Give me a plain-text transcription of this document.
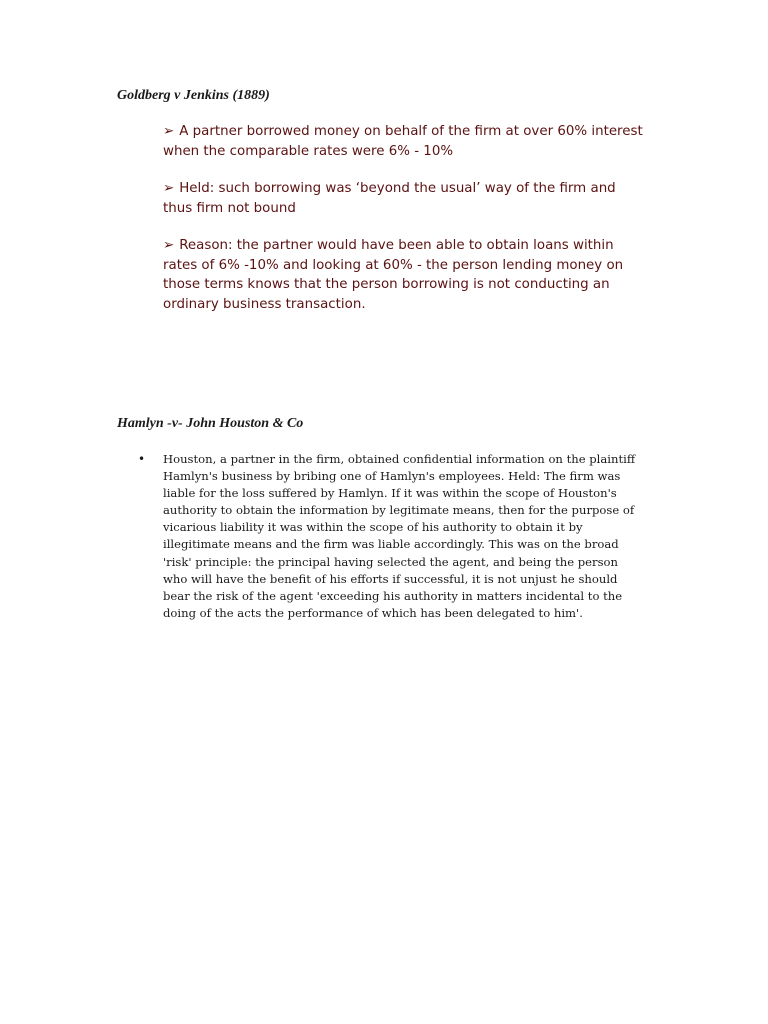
Goldberg v Jenkins (1889)
➢ A partner borrowed money on behalf of the firm at over 60% interest when the comparable rates were 6% - 10%
➢ Held: such borrowing was ‘beyond the usual’ way of the firm and thus firm not bound
➢ Reason: the partner would have been able to obtain loans within rates of 6% -10% and looking at 60% - the person lending money on those terms knows that the person borrowing is not conducting an ordinary business transaction.
Hamlyn -v- John Houston & Co
• Houston, a partner in the firm, obtained confidential information on the plaintiff Hamlyn's business by bribing one of Hamlyn's employees. Held: The firm was liable for the loss suffered by Hamlyn. If it was within the scope of Houston's authority to obtain the information by legitimate means, then for the purpose of vicarious liability it was within the scope of his authority to obtain it by illegitimate means and the firm was liable accordingly. This was on the broad 'risk' principle: the principal having selected the agent, and being the person who will have the benefit of his efforts if successful, it is not unjust he should bear the risk of the agent 'exceeding his authority in matters incidental to the doing of the acts the performance of which has been delegated to him'.
